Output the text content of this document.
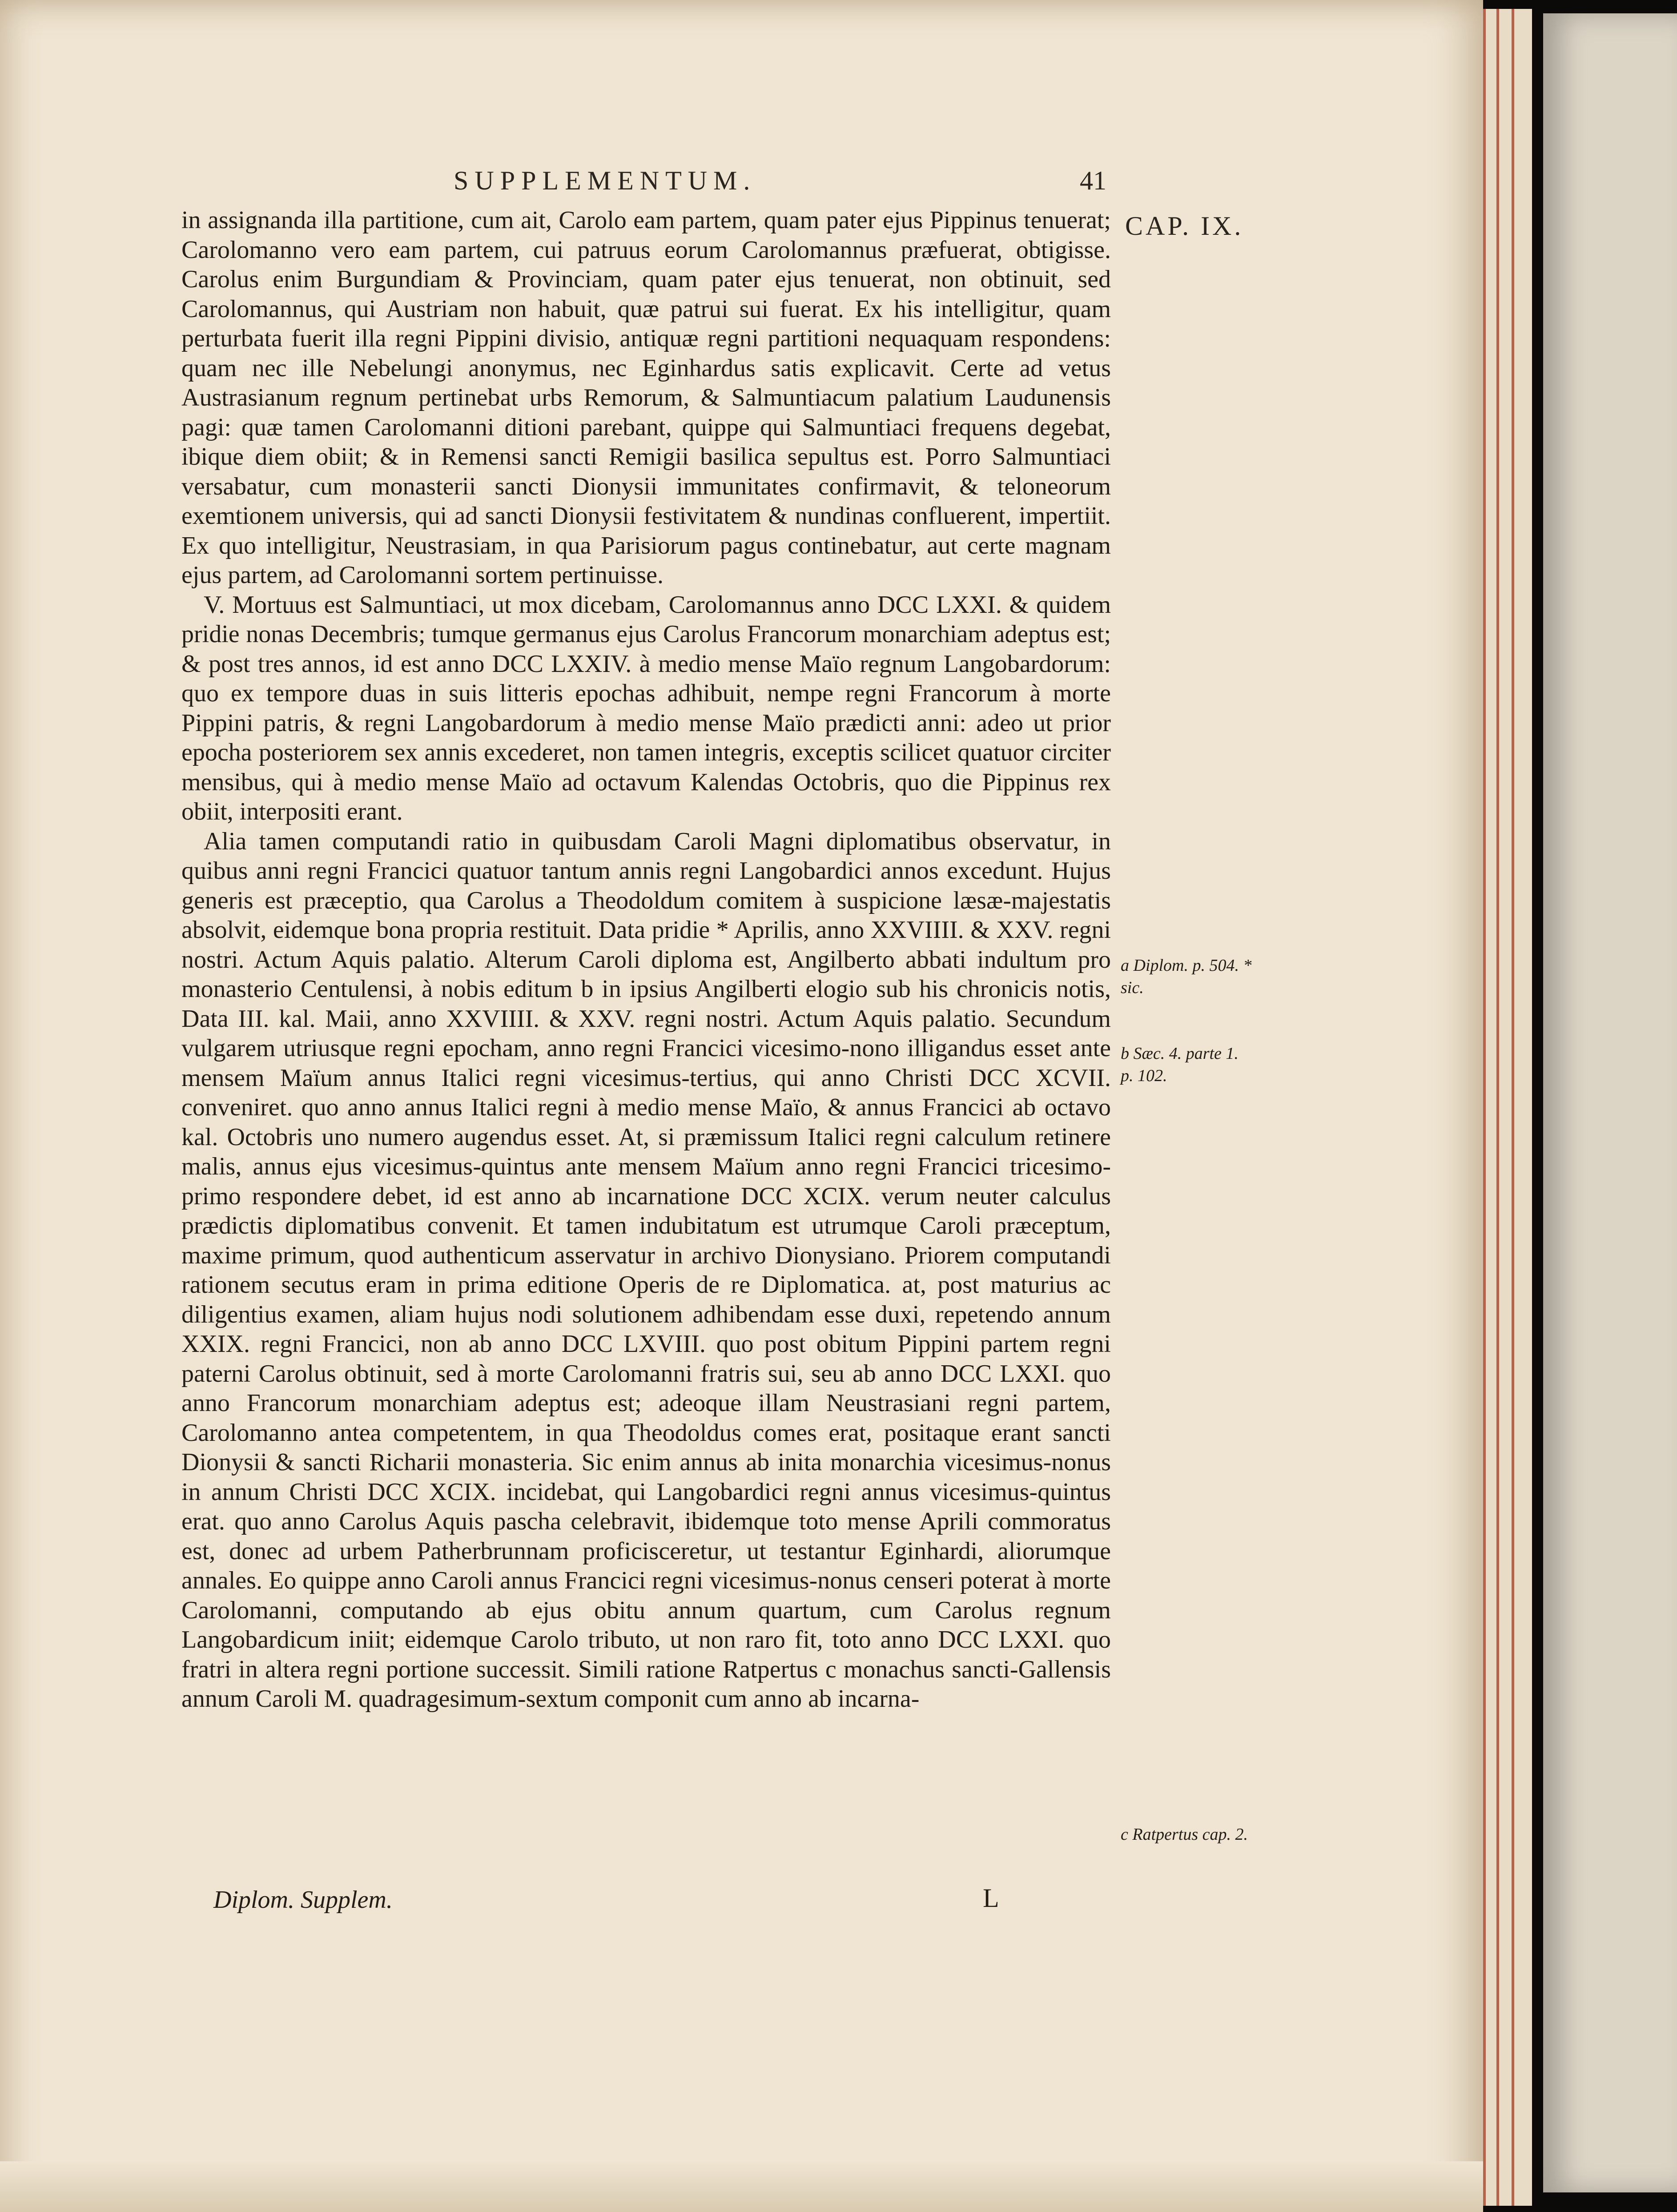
SUPPLEMENTUM.	41
CAP. IX.

in assignanda illa partitione, cum ait, Carolo eam partem, quam pater ejus Pippinus tenuerat; Carolomanno vero eam partem, cui patruus eorum Carolomannus præfuerat, obtigisse. Carolus enim Burgundiam & Provinciam, quam pater ejus tenuerat, non obtinuit, sed Carolomannus, qui Austriam non habuit, quæ patrui sui fuerat. Ex his intelligitur, quam perturbata fuerit illa regni Pippini divisio, antiquæ regni partitioni nequaquam respondens: quam nec ille Nebelungi anonymus, nec Eginhardus satis explicavit. Certe ad vetus Austrasianum regnum pertinebat urbs Remorum, & Salmuntiacum palatium Laudunensis pagi: quæ tamen Carolomanni ditioni parebant, quippe qui Salmuntiaci frequens degebat, ibique diem obiit; & in Remensi sancti Remigii basilica sepultus est. Porro Salmuntiaci versabatur, cum monasterii sancti Dionysii immunitates confirmavit, & teloneorum exemtionem universis, qui ad sancti Dionysii festivitatem & nundinas confluerent, impertiit. Ex quo intelligitur, Neustrasiam, in qua Parisiorum pagus continebatur, aut certe magnam ejus partem, ad Carolomanni sortem pertinuisse.

V. Mortuus est Salmuntiaci, ut mox dicebam, Carolomannus anno DCC LXXI. & quidem pridie nonas Decembris; tumque germanus ejus Carolus Francorum monarchiam adeptus est; & post tres annos, id est anno DCC LXXIV. à medio mense Maïo regnum Langobardorum: quo ex tempore duas in suis litteris epochas adhibuit, nempe regni Francorum à morte Pippini patris, & regni Langobardorum à medio mense Maïo prædicti anni: adeo ut prior epocha posteriorem sex annis excederet, non tamen integris, exceptis scilicet quatuor circiter mensibus, qui à medio mense Maïo ad octavum Kalendas Octobris, quo die Pippinus rex obiit, interpositi erant.

Alia tamen computandi ratio in quibusdam Caroli Magni diplomatibus observatur, in quibus anni regni Francici quatuor tantum annis regni Langobardici annos excedunt. Hujus generis est præceptio, qua Carolus a Theodoldum comitem à suspicione læsæ-majestatis absolvit, eidemque bona propria restituit. Data pridie * Aprilis, anno XXVIIII. & XXV. regni nostri. Actum Aquis palatio. Alterum Caroli diploma est, Angilberto abbati indultum pro monasterio Centulensi, à nobis editum b in ipsius Angilberti elogio sub his chronicis notis, Data III. kal. Maii, anno XXVIIII. & XXV. regni nostri. Actum Aquis palatio. Secundum vulgarem utriusque regni epocham, anno regni Francici vicesimo-nono illigandus esset ante mensem Maïum annus Italici regni vicesimus-tertius, qui anno Christi DCC XCVII. conveniret. quo anno annus Italici regni à medio mense Maïo, & annus Francici ab octavo kal. Octobris uno numero augendus esset. At, si præmissum Italici regni calculum retinere malis, annus ejus vicesimus-quintus ante mensem Maïum anno regni Francici tricesimo-primo respondere debet, id est anno ab incarnatione DCC XCIX. verum neuter calculus prædictis diplomatibus convenit. Et tamen indubitatum est utrumque Caroli præceptum, maxime primum, quod authenticum asservatur in archivo Dionysiano. Priorem computandi rationem secutus eram in prima editione Operis de re Diplomatica. at, post maturius ac diligentius examen, aliam hujus nodi solutionem adhibendam esse duxi, repetendo annum XXIX. regni Francici, non ab anno DCC LXVIII. quo post obitum Pippini partem regni paterni Carolus obtinuit, sed à morte Carolomanni fratris sui, seu ab anno DCC LXXI. quo anno Francorum monarchiam adeptus est; adeoque illam Neustrasiani regni partem, Carolomanno antea competentem, in qua Theodoldus comes erat, positaque erant sancti Dionysii & sancti Richarii monasteria. Sic enim annus ab inita monarchia vicesimus-nonus in annum Christi DCC XCIX. incidebat, qui Langobardici regni annus vicesimus-quintus erat. quo anno Carolus Aquis pascha celebravit, ibidemque toto mense Aprili commoratus est, donec ad urbem Patherbrunnam proficisceretur, ut testantur Eginhardi, aliorumque annales. Eo quippe anno Caroli annus Francici regni vicesimus-nonus censeri poterat à morte Carolomanni, computando ab ejus obitu annum quartum, cum Carolus regnum Langobardicum iniit; eidemque Carolo tributo, ut non raro fit, toto anno DCC LXXI. quo fratri in altera regni portione successit. Simili ratione Ratpertus c monachus sancti-Gallensis annum Caroli M. quadragesimum-sextum componit cum anno ab incarna-

a Diplom. p. 504. * sic.
b Sæc. 4. parte 1. p. 102.
c Ratpertus cap. 2.
Diplom. Supplem.	L
